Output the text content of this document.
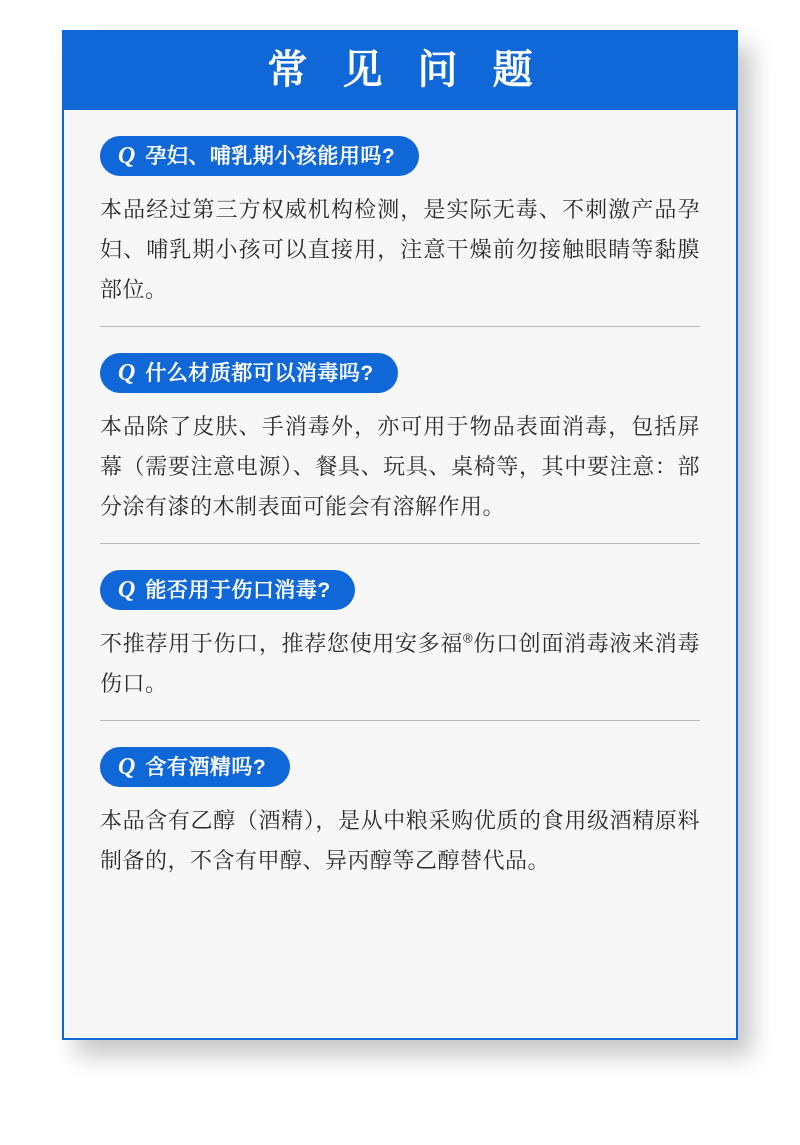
常 见 问 题
Q 孕妇、哺乳期小孩能用吗?
本品经过第三方权威机构检测，是实际无毒、不刺激产品孕妇、哺乳期小孩可以直接用，注意干燥前勿接触眼睛等黏膜部位。
Q 什么材质都可以消毒吗?
本品除了皮肤、手消毒外，亦可用于物品表面消毒，包括屏幕（需要注意电源）、餐具、玩具、桌椅等，其中要注意：部分涂有漆的木制表面可能会有溶解作用。
Q 能否用于伤口消毒?
不推荐用于伤口，推荐您使用安多福®伤口创面消毒液来消毒伤口。
Q 含有酒精吗?
本品含有乙醇（酒精），是从中粮采购优质的食用级酒精原料制备的，不含有甲醇、异丙醇等乙醇替代品。
